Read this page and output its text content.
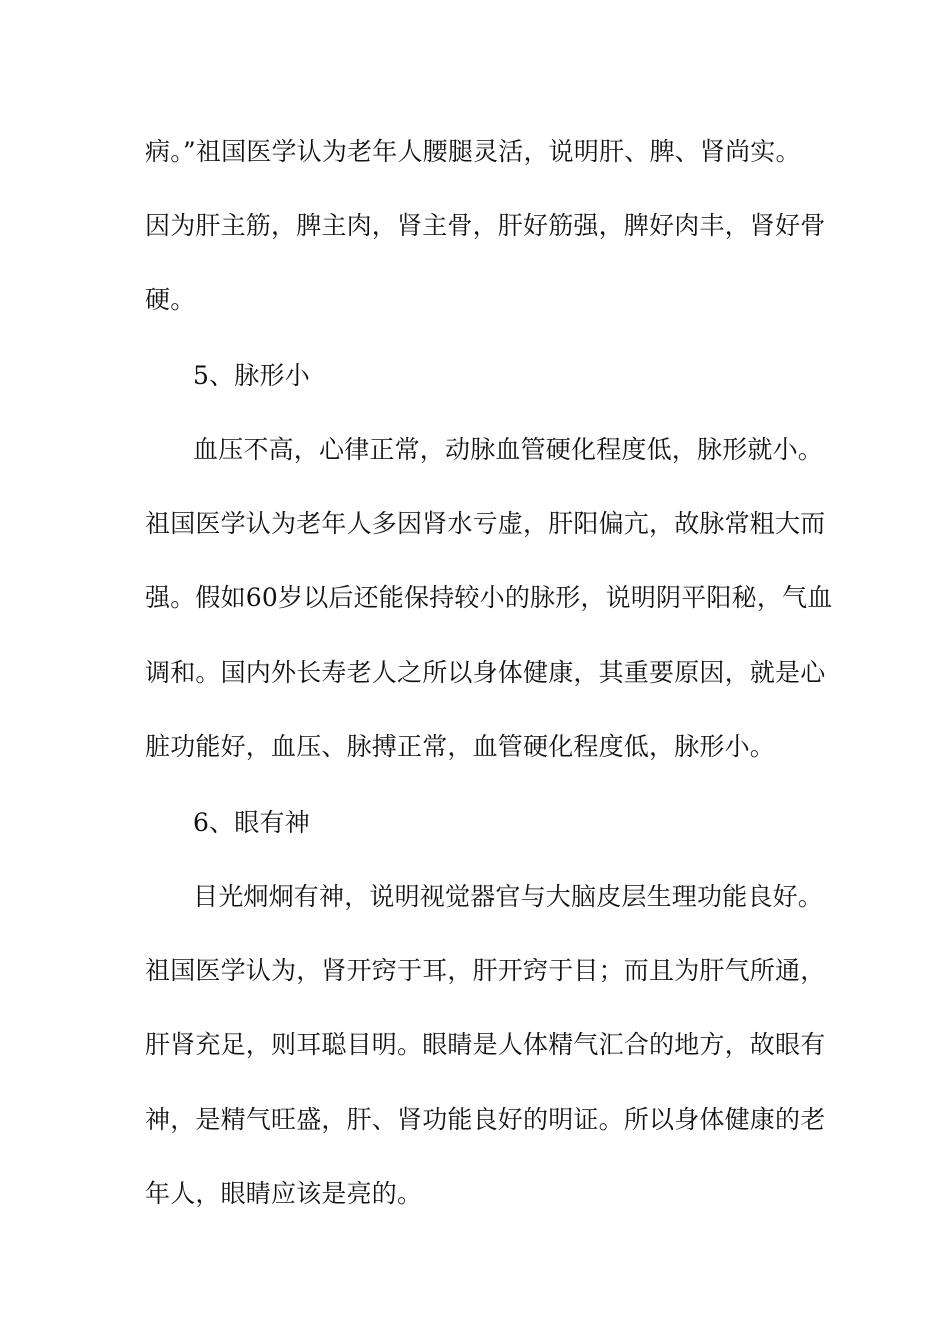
病。”祖国医学认为老年人腰腿灵活，说明肝、脾、肾尚实。
因为肝主筋，脾主肉，肾主骨，肝好筋强，脾好肉丰，肾好骨
硬。
5、脉形小
血压不高，心律正常，动脉血管硬化程度低，脉形就小。
祖国医学认为老年人多因肾水亏虚，肝阳偏亢，故脉常粗大而
强。假如60岁以后还能保持较小的脉形，说明阴平阳秘，气血
调和。国内外长寿老人之所以身体健康，其重要原因，就是心
脏功能好，血压、脉搏正常，血管硬化程度低，脉形小。
6、眼有神
目光炯炯有神，说明视觉器官与大脑皮层生理功能良好。
祖国医学认为，肾开窍于耳，肝开窍于目；而且为肝气所通，
肝肾充足，则耳聪目明。眼睛是人体精气汇合的地方，故眼有
神，是精气旺盛，肝、肾功能良好的明证。所以身体健康的老
年人，眼睛应该是亮的。
